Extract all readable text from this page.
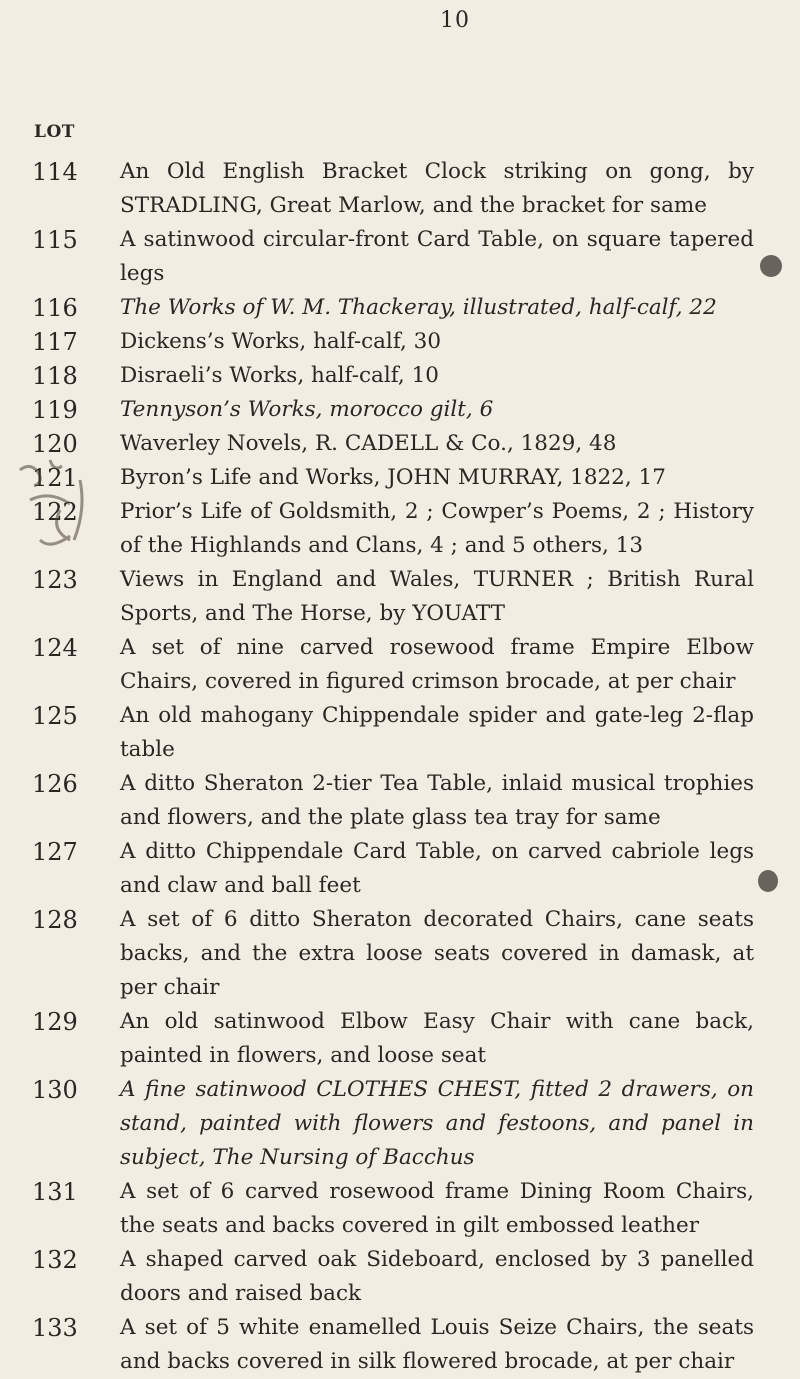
10
LOT
114	An Old English Bracket Clock striking on gong, by STRADLING, Great Marlow, and the bracket for same
115	A satinwood circular-front Card Table, on square tapered legs
116	The Works of W. M. Thackeray, illustrated, half-calf, 22
117	Dickens’s Works, half-calf, 30
118	Disraeli’s Works, half-calf, 10
119	Tennyson’s Works, morocco gilt, 6
120	Waverley Novels, R. CADELL & Co., 1829, 48
121	Byron’s Life and Works, JOHN MURRAY, 1822, 17
122	Prior’s Life of Goldsmith, 2 ; Cowper’s Poems, 2 ; History of the Highlands and Clans, 4 ; and 5 others, 13
123	Views in England and Wales, TURNER ; British Rural Sports, and The Horse, by YOUATT
124	A set of nine carved rosewood frame Empire Elbow Chairs, covered in figured crimson brocade, at per chair
125	An old mahogany Chippendale spider and gate-leg 2-flap table
126	A ditto Sheraton 2-tier Tea Table, inlaid musical trophies and flowers, and the plate glass tea tray for same
127	A ditto Chippendale Card Table, on carved cabriole legs and claw and ball feet
128	A set of 6 ditto Sheraton decorated Chairs, cane seats backs, and the extra loose seats covered in damask, at per chair
129	An old satinwood Elbow Easy Chair with cane back, painted in flowers, and loose seat
130	A fine satinwood CLOTHES CHEST, fitted 2 drawers, on stand, painted with flowers and festoons, and panel in subject, The Nursing of Bacchus
131	A set of 6 carved rosewood frame Dining Room Chairs, the seats and backs covered in gilt embossed leather
132	A shaped carved oak Sideboard, enclosed by 3 panelled doors and raised back
133	A set of 5 white enamelled Louis Seize Chairs, the seats and backs covered in silk flowered brocade, at per chair
